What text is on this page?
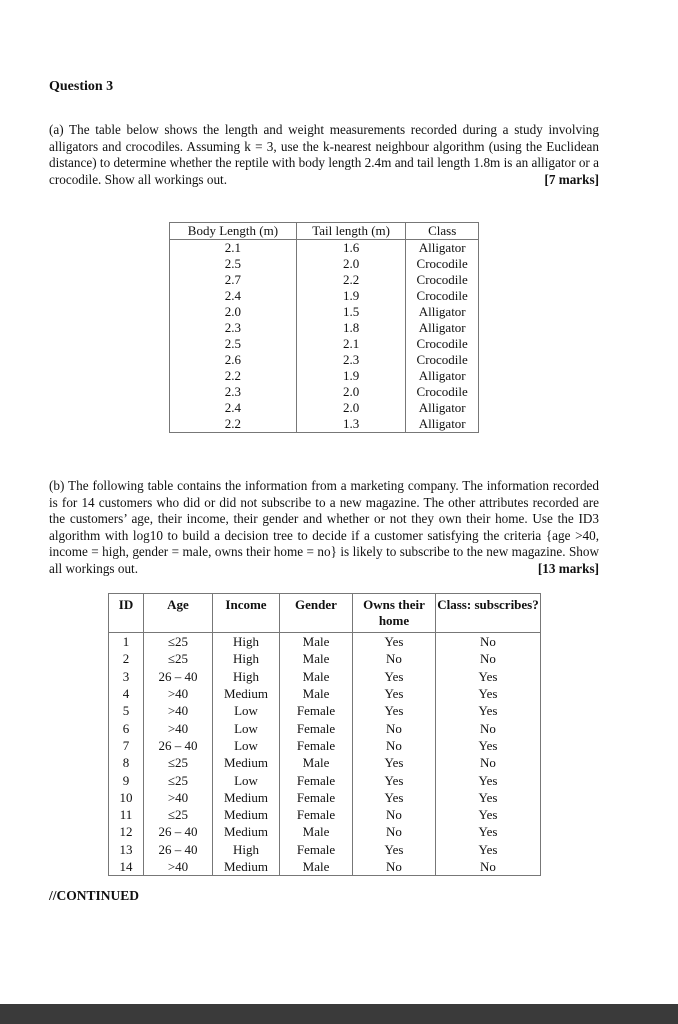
Question 3
(a) The table below shows the length and weight measurements recorded during a study involving alligators and crocodiles. Assuming k = 3, use the k-nearest neighbour algorithm (using the Euclidean distance) to determine whether the reptile with body length 2.4m and tail length 1.8m is an alligator or a crocodile. Show all workings out.	[7 marks]
Body Length (m)	Tail length (m)	Class
2.1	1.6	Alligator
2.5	2.0	Crocodile
2.7	2.2	Crocodile
2.4	1.9	Crocodile
2.0	1.5	Alligator
2.3	1.8	Alligator
2.5	2.1	Crocodile
2.6	2.3	Crocodile
2.2	1.9	Alligator
2.3	2.0	Crocodile
2.4	2.0	Alligator
2.2	1.3	Alligator
(b) The following table contains the information from a marketing company. The information recorded is for 14 customers who did or did not subscribe to a new magazine. The other attributes recorded are the customers’ age, their income, their gender and whether or not they own their home. Use the ID3 algorithm with log10 to build a decision tree to decide if a customer satisfying the criteria {age >40, income = high, gender = male, owns their home = no} is likely to subscribe to the new magazine. Show all workings out.	[13 marks]
ID	Age	Income	Gender	Owns their home	Class: subscribes?
1	≤25	High	Male	Yes	No
2	≤25	High	Male	No	No
3	26 – 40	High	Male	Yes	Yes
4	>40	Medium	Male	Yes	Yes
5	>40	Low	Female	Yes	Yes
6	>40	Low	Female	No	No
7	26 – 40	Low	Female	No	Yes
8	≤25	Medium	Male	Yes	No
9	≤25	Low	Female	Yes	Yes
10	>40	Medium	Female	Yes	Yes
11	≤25	Medium	Female	No	Yes
12	26 – 40	Medium	Male	No	Yes
13	26 – 40	High	Female	Yes	Yes
14	>40	Medium	Male	No	No
//CONTINUED
